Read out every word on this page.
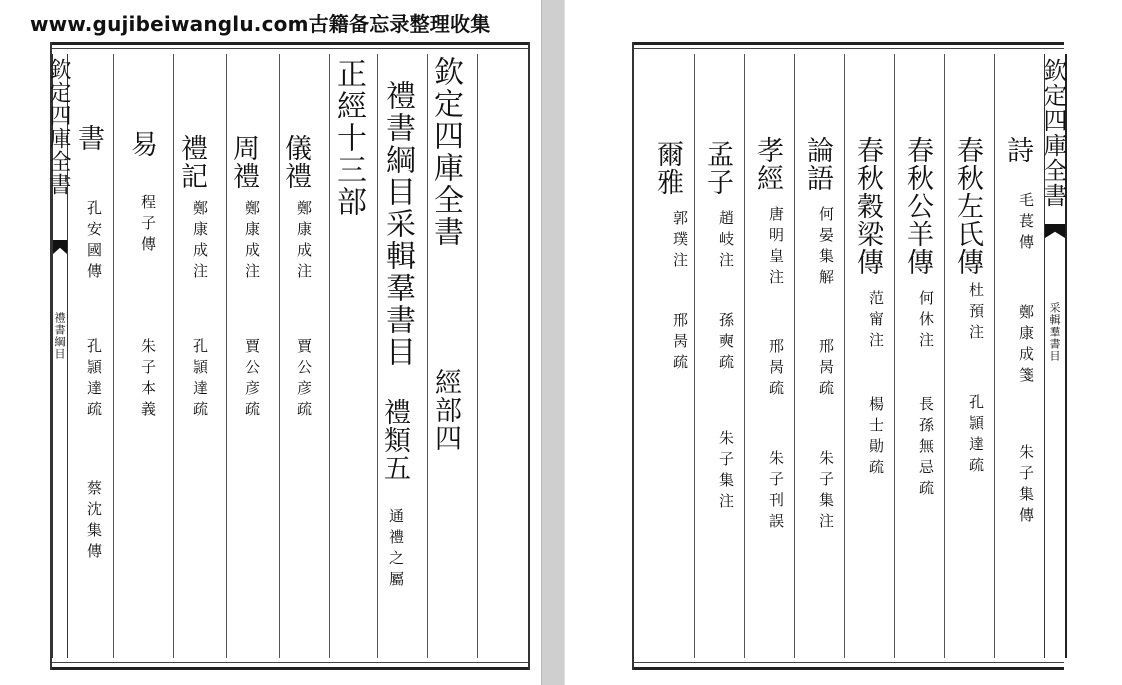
www.gujibeiwanglu.com古籍备忘录整理收集
欽定四庫全書
禮書綱目
書
孔安國傳
孔頴達疏
蔡沈集傳
易
程子傳
朱子本義
禮記
鄭康成注
孔頴達疏
周禮
鄭康成注
賈公彦疏
儀禮
鄭康成注
賈公彦疏
正經十三部 禮書綱目采輯羣書目
禮類五
通禮之屬
欽定四庫全書
經部四
欽定四庫全書
采輯羣書目
爾雅
郭璞注
邢昺疏
孟子
趙岐注
孫奭疏
朱子集注
孝經
唐明皇注
邢昺疏
朱子刊誤
論語
何晏集解
邢昺疏
朱子集注
春秋穀梁傳
范甯注
楊士勛疏
春秋公羊傳
何休注
長孫無忌疏
春秋左氏傳
杜預注
孔頴達疏
詩
毛萇傳
鄭康成箋
朱子集傳
